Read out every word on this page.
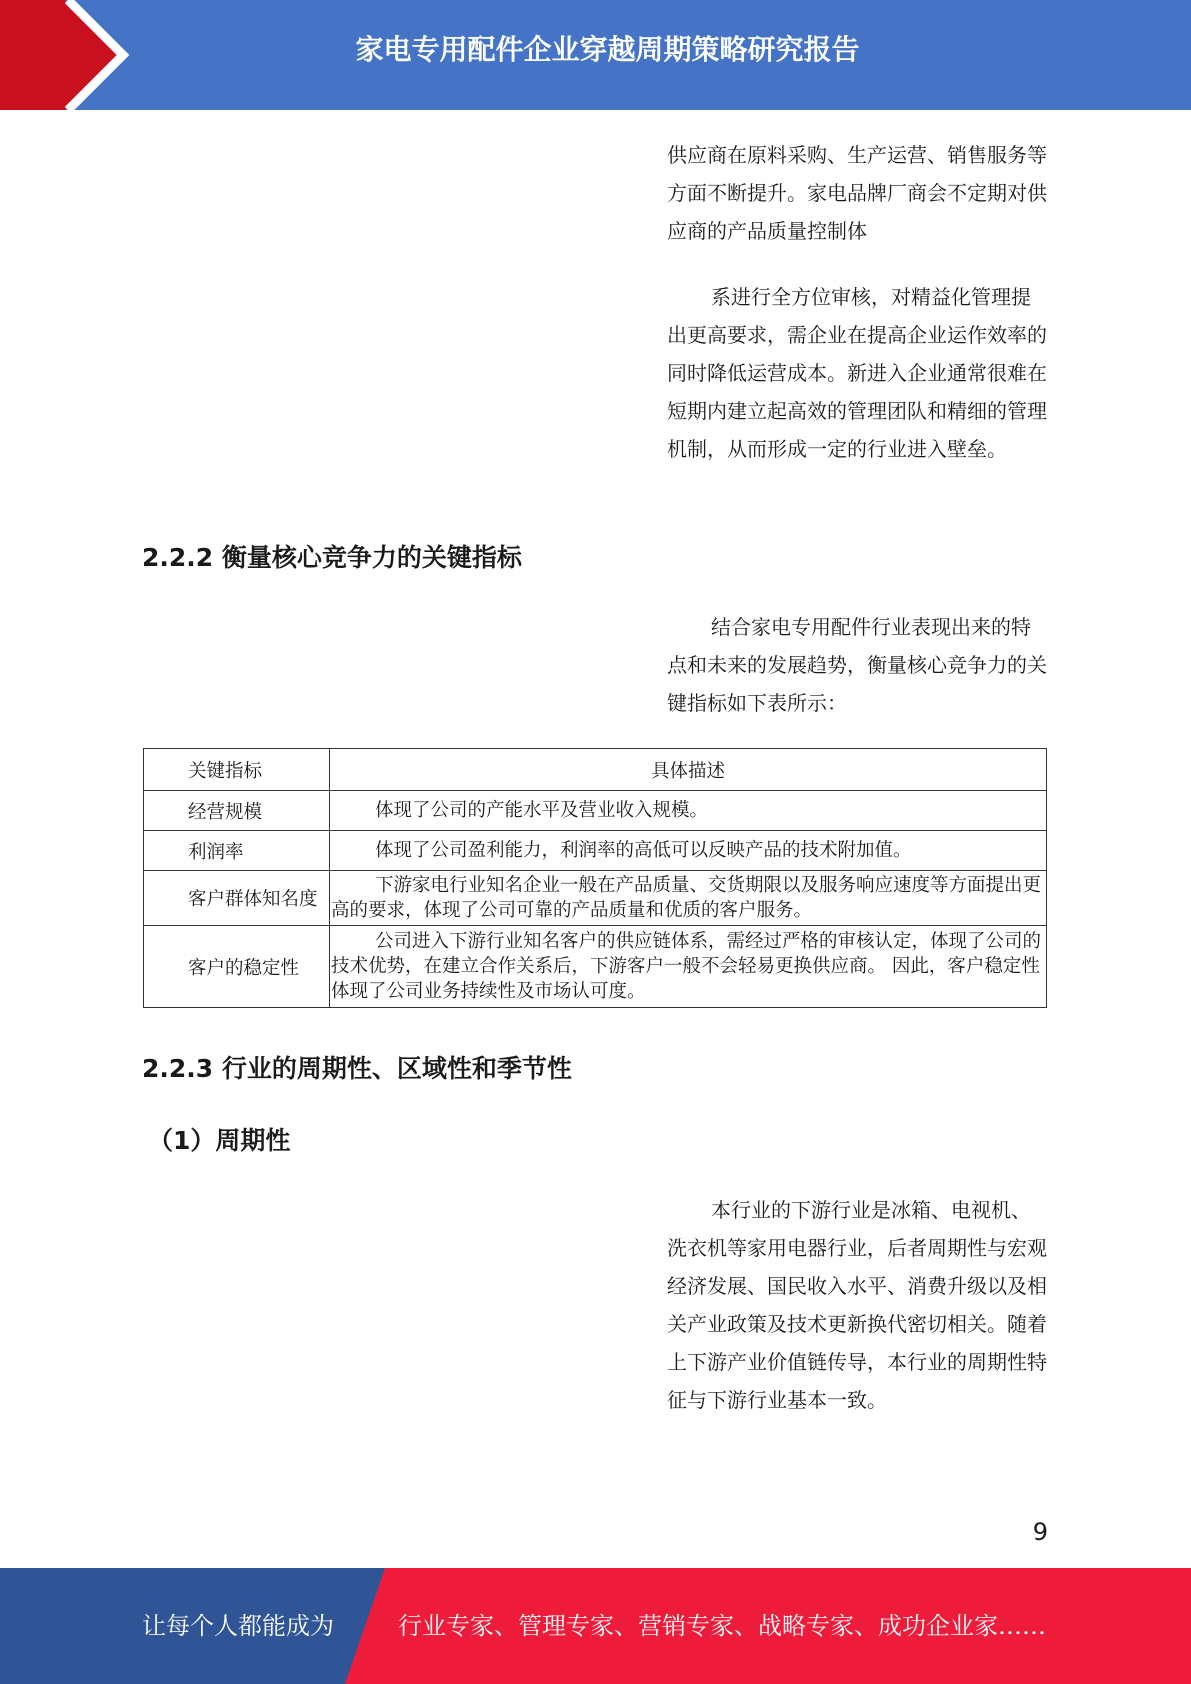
家电专用配件企业穿越周期策略研究报告

供应商在原料采购、生产运营、销售服务等方面不断提升。家电品牌厂商会不定期对供应商的产品质量控制体

系进行全方位审核，对精益化管理提出更高要求，需企业在提高企业运作效率的同时降低运营成本。新进入企业通常很难在短期内建立起高效的管理团队和精细的管理机制，从而形成一定的行业进入壁垒。

2.2.2 衡量核心竞争力的关键指标

结合家电专用配件行业表现出来的特点和未来的发展趋势，衡量核心竞争力的关键指标如下表所示：

关键指标	具体描述
经营规模	体现了公司的产能水平及营业收入规模。
利润率	体现了公司盈利能力，利润率的高低可以反映产品的技术附加值。
客户群体知名度	下游家电行业知名企业一般在产品质量、交货期限以及服务响应速度等方面提出更高的要求，体现了公司可靠的产品质量和优质的客户服务。
客户的稳定性	公司进入下游行业知名客户的供应链体系，需经过严格的审核认定，体现了公司的技术优势，在建立合作关系后，下游客户一般不会轻易更换供应商。 因此，客户稳定性体现了公司业务持续性及市场认可度。
2.2.3 行业的周期性、区域性和季节性
（1）周期性

本行业的下游行业是冰箱、电视机、洗衣机等家用电器行业，后者周期性与宏观经济发展、国民收入水平、消费升级以及相关产业政策及技术更新换代密切相关。随着上下游产业价值链传导，本行业的周期性特征与下游行业基本一致。

9
让每个人都能成为	行业专家、管理专家、营销专家、战略专家、成功企业家……
